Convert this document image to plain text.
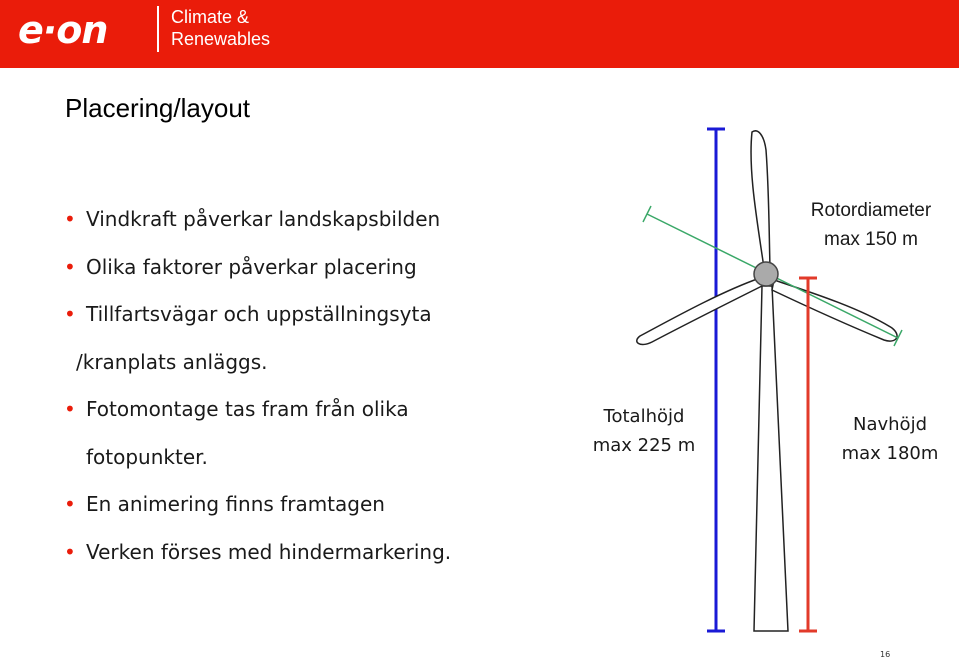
e·on	Climate &
Renewables
Placering/layout
• Vindkraft påverkar landskapsbilden
• Olika faktorer påverkar placering
• Tillfartsvägar och uppställningsyta
/kranplats anläggs.
• Fotomontage tas fram från olika
fotopunkter.
• En animering finns framtagen
• Verken förses med hindermarkering.
Rotordiameter
max 150 m
Totalhöjd
max 225 m
Navhöjd
max 180m
16
